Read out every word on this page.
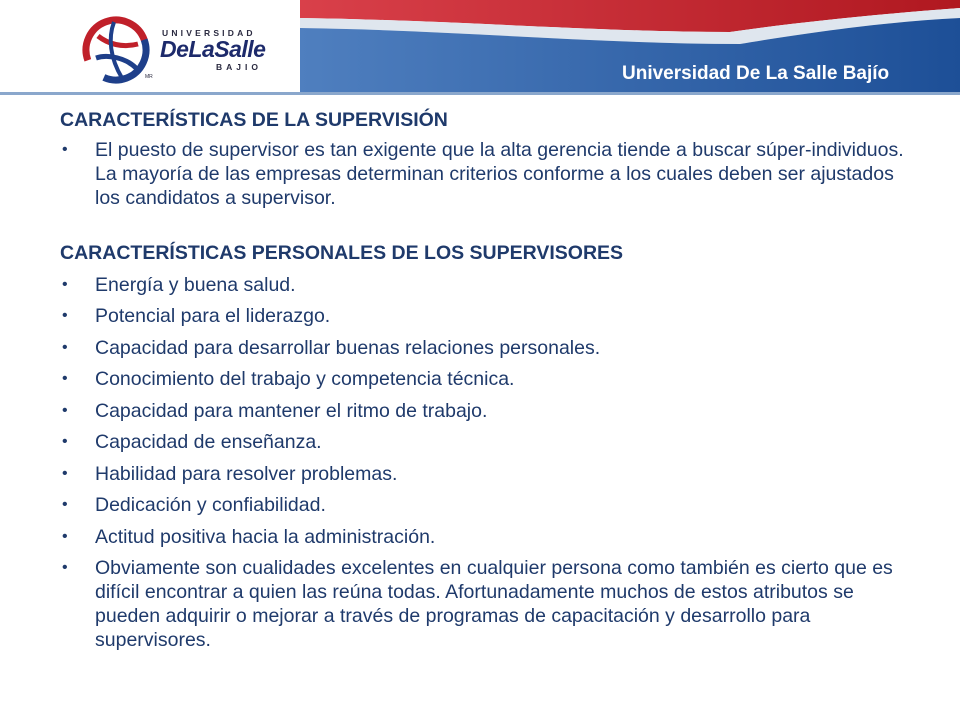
UNIVERSIDAD
DeLaSalle
BAJIO
MR	Universidad De La Salle Bajío

CARACTERÍSTICAS DE LA SUPERVISIÓN

• El puesto de supervisor es tan exigente que la alta gerencia tiende a buscar súper-individuos. La mayoría de las empresas determinan criterios conforme a los cuales deben ser ajustados los candidatos a supervisor.

CARACTERÍSTICAS PERSONALES DE LOS SUPERVISORES

• Energía y buena salud.
• Potencial para el liderazgo.
• Capacidad para desarrollar buenas relaciones personales.
• Conocimiento del trabajo y competencia técnica.
• Capacidad para mantener el ritmo de trabajo.
• Capacidad de enseñanza.
• Habilidad para resolver problemas.
• Dedicación y confiabilidad.
• Actitud positiva hacia la administración.
• Obviamente son cualidades excelentes en cualquier persona como también es cierto que es difícil encontrar a quien las reúna todas. Afortunadamente muchos de estos atributos se pueden adquirir o mejorar a través de programas de capacitación y desarrollo para supervisores.
